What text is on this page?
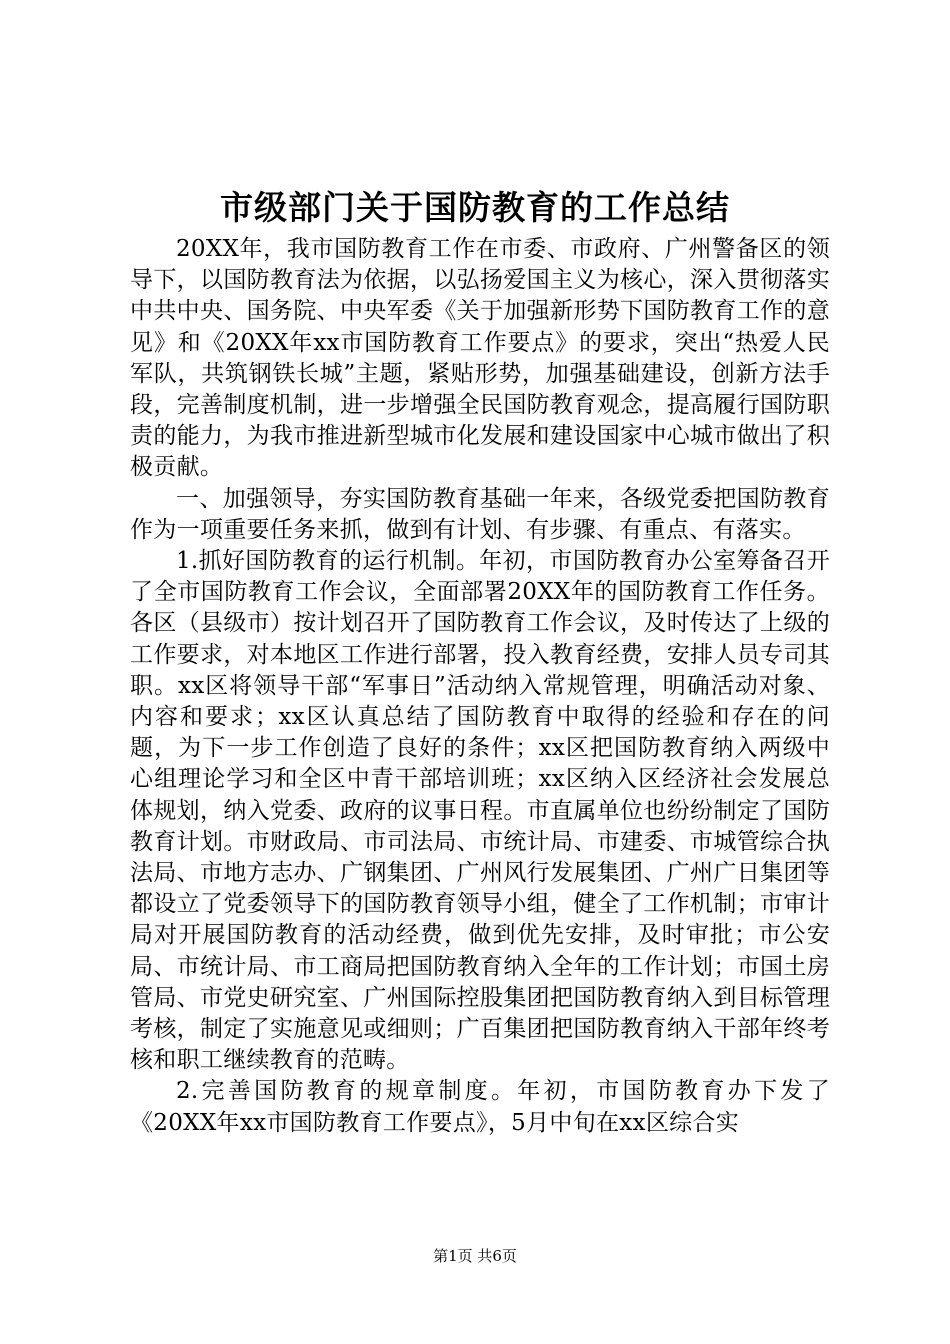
市级部门关于国防教育的工作总结

20XX年，我市国防教育工作在市委、市政府、广州警备区的领导下，以国防教育法为依据，以弘扬爱国主义为核心，深入贯彻落实中共中央、国务院、中央军委《关于加强新形势下国防教育工作的意见》和《20XX年xx市国防教育工作要点》的要求，突出“热爱人民军队，共筑钢铁长城”主题，紧贴形势，加强基础建设，创新方法手段，完善制度机制，进一步增强全民国防教育观念，提高履行国防职责的能力，为我市推进新型城市化发展和建设国家中心城市做出了积极贡献。

一、加强领导，夯实国防教育基础一年来，各级党委把国防教育作为一项重要任务来抓，做到有计划、有步骤、有重点、有落实。

1.抓好国防教育的运行机制。年初，市国防教育办公室筹备召开了全市国防教育工作会议，全面部署20XX年的国防教育工作任务。各区（县级市）按计划召开了国防教育工作会议，及时传达了上级的工作要求，对本地区工作进行部署，投入教育经费，安排人员专司其职。xx区将领导干部“军事日”活动纳入常规管理，明确活动对象、内容和要求；xx区认真总结了国防教育中取得的经验和存在的问题，为下一步工作创造了良好的条件；xx区把国防教育纳入两级中心组理论学习和全区中青干部培训班；xx区纳入区经济社会发展总体规划，纳入党委、政府的议事日程。市直属单位也纷纷制定了国防教育计划。市财政局、市司法局、市统计局、市建委、市城管综合执法局、市地方志办、广钢集团、广州风行发展集团、广州广日集团等都设立了党委领导下的国防教育领导小组，健全了工作机制；市审计局对开展国防教育的活动经费，做到优先安排，及时审批；市公安局、市统计局、市工商局把国防教育纳入全年的工作计划；市国土房管局、市党史研究室、广州国际控股集团把国防教育纳入到目标管理考核，制定了实施意见或细则；广百集团把国防教育纳入干部年终考核和职工继续教育的范畴。

2.完善国防教育的规章制度。年初，市国防教育办下发了《20XX年xx市国防教育工作要点》，5月中旬在xx区综合实

第1页 共6页
